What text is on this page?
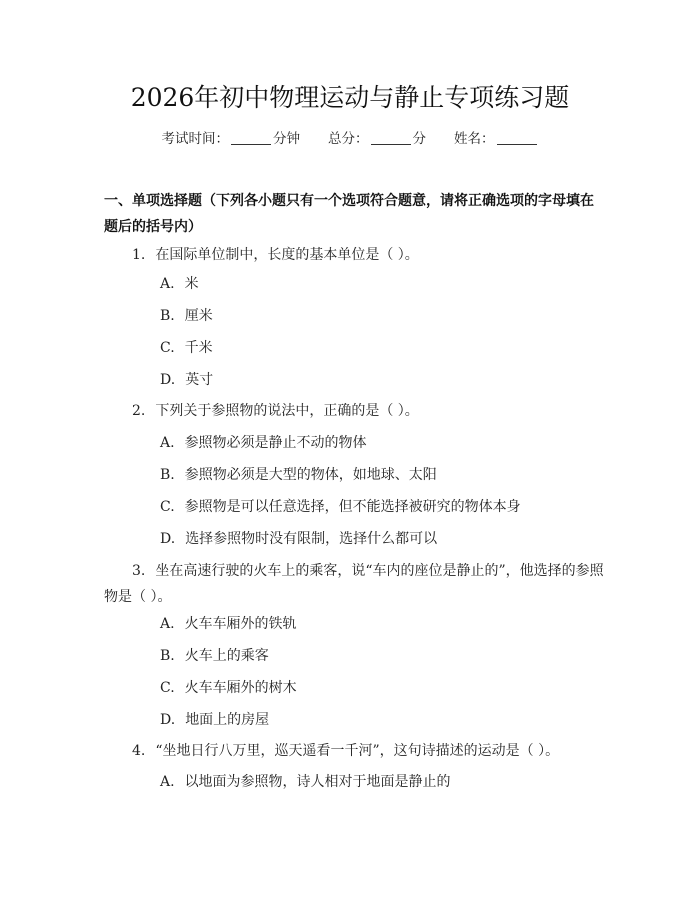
2026年初中物理运动与静止专项练习题
考试时间：	分钟 总分：	分 姓名：
一、单项选择题（下列各小题只有一个选项符合题意，请将正确选项的字母填在题后的括号内）
1. 在国际单位制中，长度的基本单位是（ ）。
A. 米
B. 厘米
C. 千米
D. 英寸
2. 下列关于参照物的说法中，正确的是（ ）。
A. 参照物必须是静止不动的物体
B. 参照物必须是大型的物体，如地球、太阳
C. 参照物是可以任意选择，但不能选择被研究的物体本身
D. 选择参照物时没有限制，选择什么都可以
3. 坐在高速行驶的火车上的乘客，说“车内的座位是静止的”，他选择的参照物是（ ）。
A. 火车车厢外的铁轨
B. 火车上的乘客
C. 火车车厢外的树木
D. 地面上的房屋
4. “坐地日行八万里，巡天遥看一千河”，这句诗描述的运动是（ ）。
A. 以地面为参照物，诗人相对于地面是静止的
